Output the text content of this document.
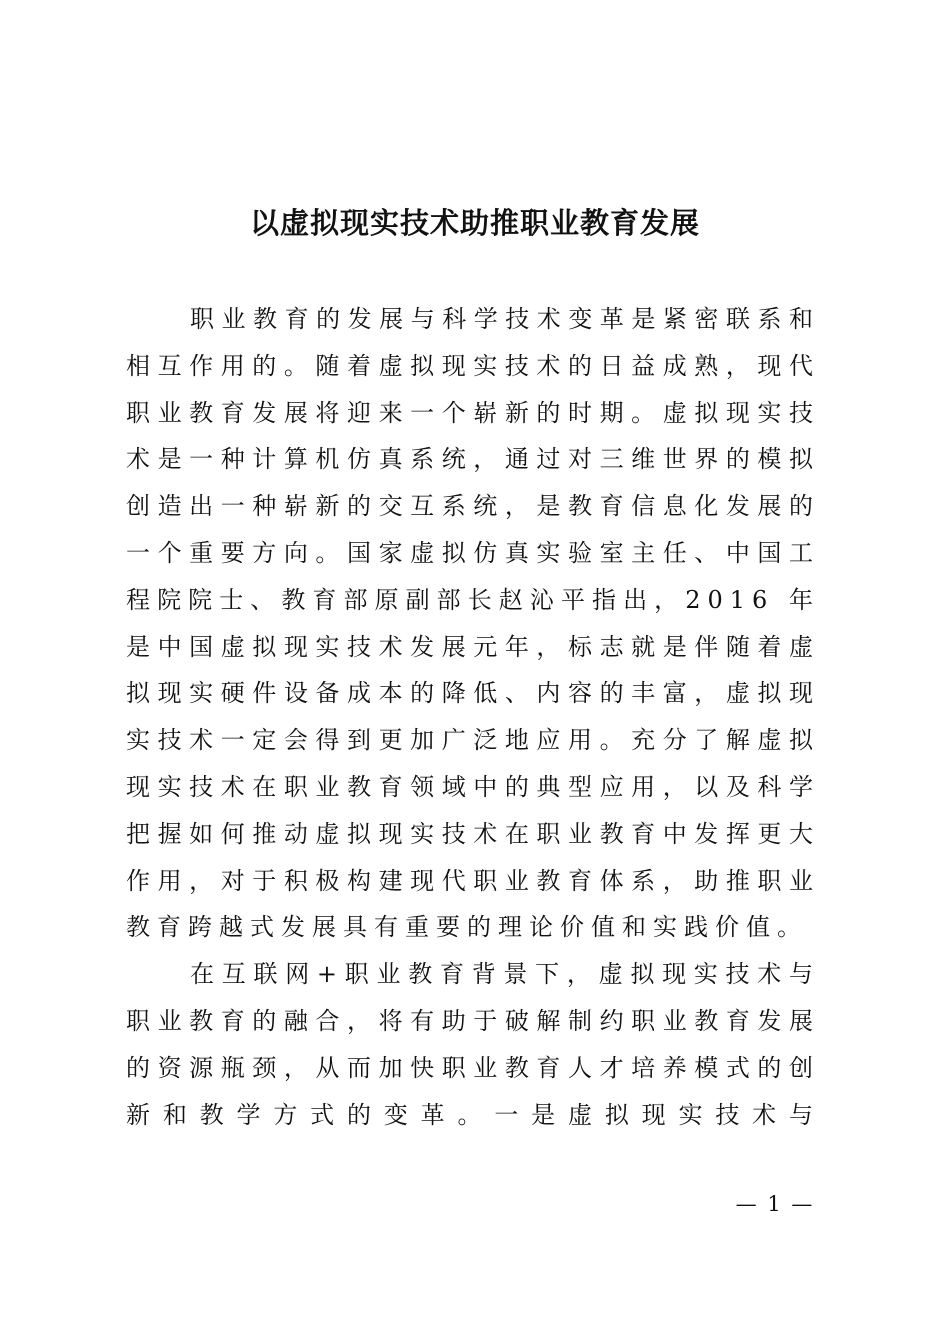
以虚拟现实技术助推职业教育发展

职业教育的发展与科学技术变革是紧密联系和相互作用的。随着虚拟现实技术的日益成熟，现代职业教育发展将迎来一个崭新的时期。虚拟现实技术是一种计算机仿真系统，通过对三维世界的模拟创造出一种崭新的交互系统，是教育信息化发展的一个重要方向。国家虚拟仿真实验室主任、中国工程院院士、教育部原副部长赵沁平指出，2016 年是中国虚拟现实技术发展元年，标志就是伴随着虚拟现实硬件设备成本的降低、内容的丰富，虚拟现实技术一定会得到更加广泛地应用。充分了解虚拟现实技术在职业教育领域中的典型应用，以及科学把握如何推动虚拟现实技术在职业教育中发挥更大作用，对于积极构建现代职业教育体系，助推职业教育跨越式发展具有重要的理论价值和实践价值。

在互联网+职业教育背景下，虚拟现实技术与职业教育的融合，将有助于破解制约职业教育发展的资源瓶颈，从而加快职业教育人才培养模式的创新和教学方式的变革。一是虚拟现实技术与

— 1 —
